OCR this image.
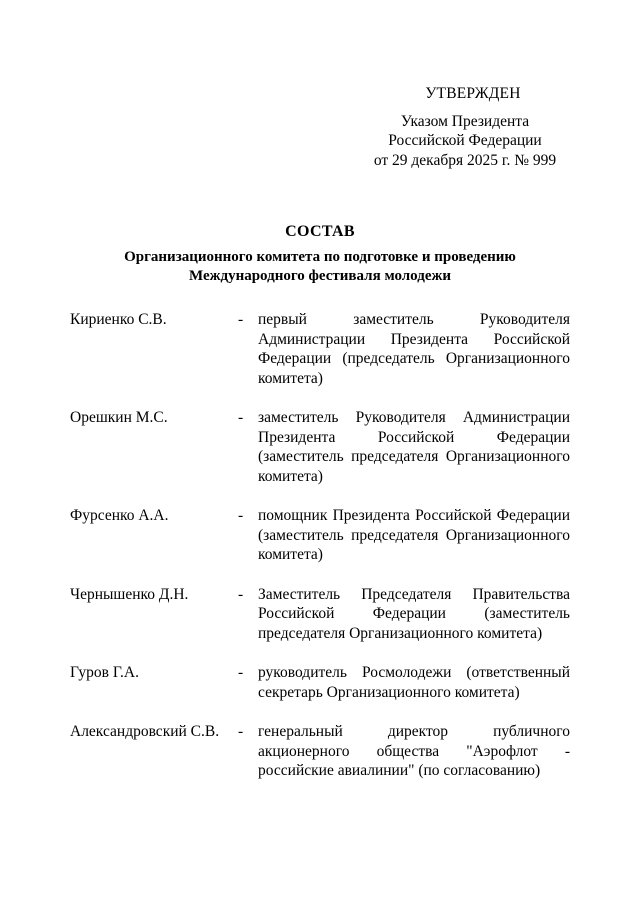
УТВЕРЖДЕН
Указом Президента
Российской Федерации
от 29 декабря 2025 г. № 999
СОСТАВ
Организационного комитета по подготовке и проведению
Международного фестиваля молодежи
Кириенко С.В.	- первый заместитель Руководителя Администрации Президента Российской Федерации (председатель Организационного комитета)
Орешкин М.С.	- заместитель Руководителя Администрации Президента Российской Федерации (заместитель председателя Организационного комитета)
Фурсенко А.А.	- помощник Президента Российской Федерации (заместитель председателя Организационного комитета)
Чернышенко Д.Н.	- Заместитель Председателя Правительства Российской Федерации (заместитель председателя Организационного комитета)
Гуров Г.А.	- руководитель Росмолодежи (ответственный секретарь Организационного комитета)
Александровский С.В.	- генеральный директор публичного акционерного общества "Аэрофлот - российские авиалинии" (по согласованию)
